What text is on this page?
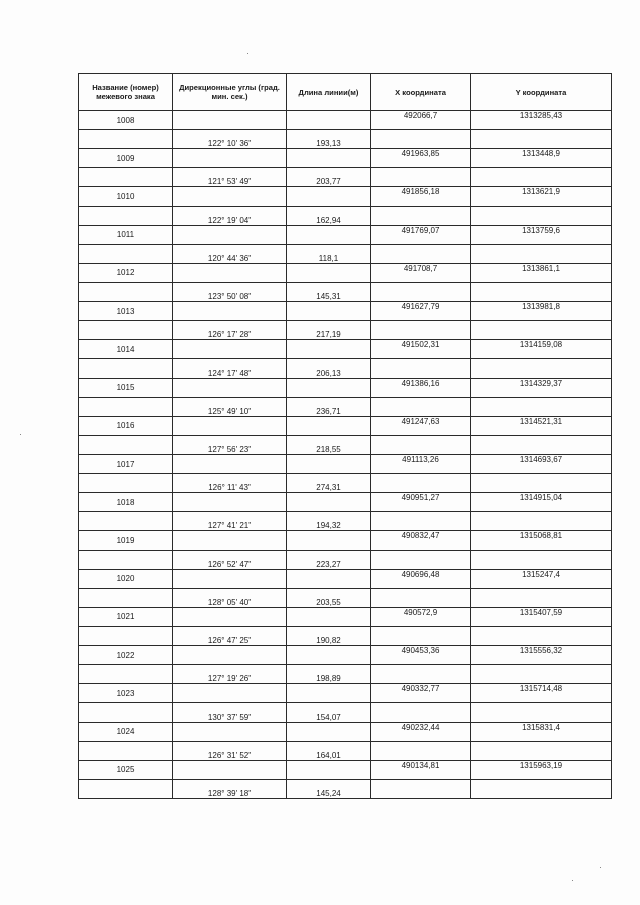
Название (номер) межевого знака	Дирекционные углы (град. мин. сек.)	Длина линии(м)	X координата	Y координата
1008			492066,7	1313285,43
	122° 10' 36"	193,13		
1009			491963,85	1313448,9
	121° 53' 49"	203,77		
1010			491856,18	1313621,9
	122° 19' 04"	162,94		
1011			491769,07	1313759,6
	120° 44' 36"	118,1		
1012			491708,7	1313861,1
	123° 50' 08"	145,31		
1013			491627,79	1313981,8
	126° 17' 28"	217,19		
1014			491502,31	1314159,08
	124° 17' 48"	206,13		
1015			491386,16	1314329,37
	125° 49' 10"	236,71		
1016			491247,63	1314521,31
	127° 56' 23"	218,55		
1017			491113,26	1314693,67
	126° 11' 43"	274,31		
1018			490951,27	1314915,04
	127° 41' 21"	194,32		
1019			490832,47	1315068,81
	126° 52' 47"	223,27		
1020			490696,48	1315247,4
	128° 05' 40"	203,55		
1021			490572,9	1315407,59
	126° 47' 25"	190,82		
1022			490453,36	1315556,32
	127° 19' 26"	198,89		
1023			490332,77	1315714,48
	130° 37' 59"	154,07		
1024			490232,44	1315831,4
	126° 31' 52"	164,01		
1025			490134,81	1315963,19
	128° 39' 18"	145,24		
